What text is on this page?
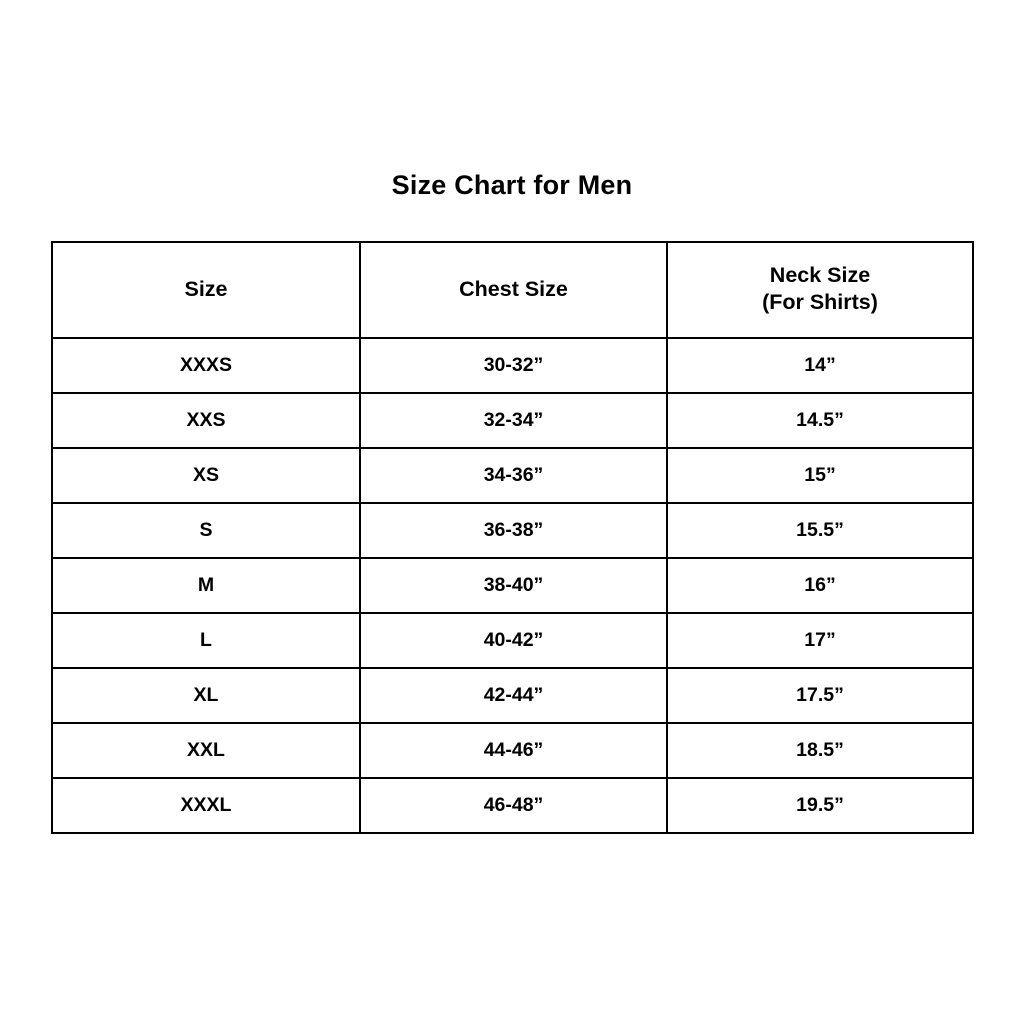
Size Chart for Men
Size	Chest Size	Neck Size
(For Shirts)

XXXS	30-32”	14”

XXS	32-34”	14.5”

XS	34-36”	15”

S	36-38”	15.5”

M	38-40”	16”

L	40-42”	17”

XL	42-44”	17.5”

XXL	44-46”	18.5”

XXXL	46-48”	19.5”
